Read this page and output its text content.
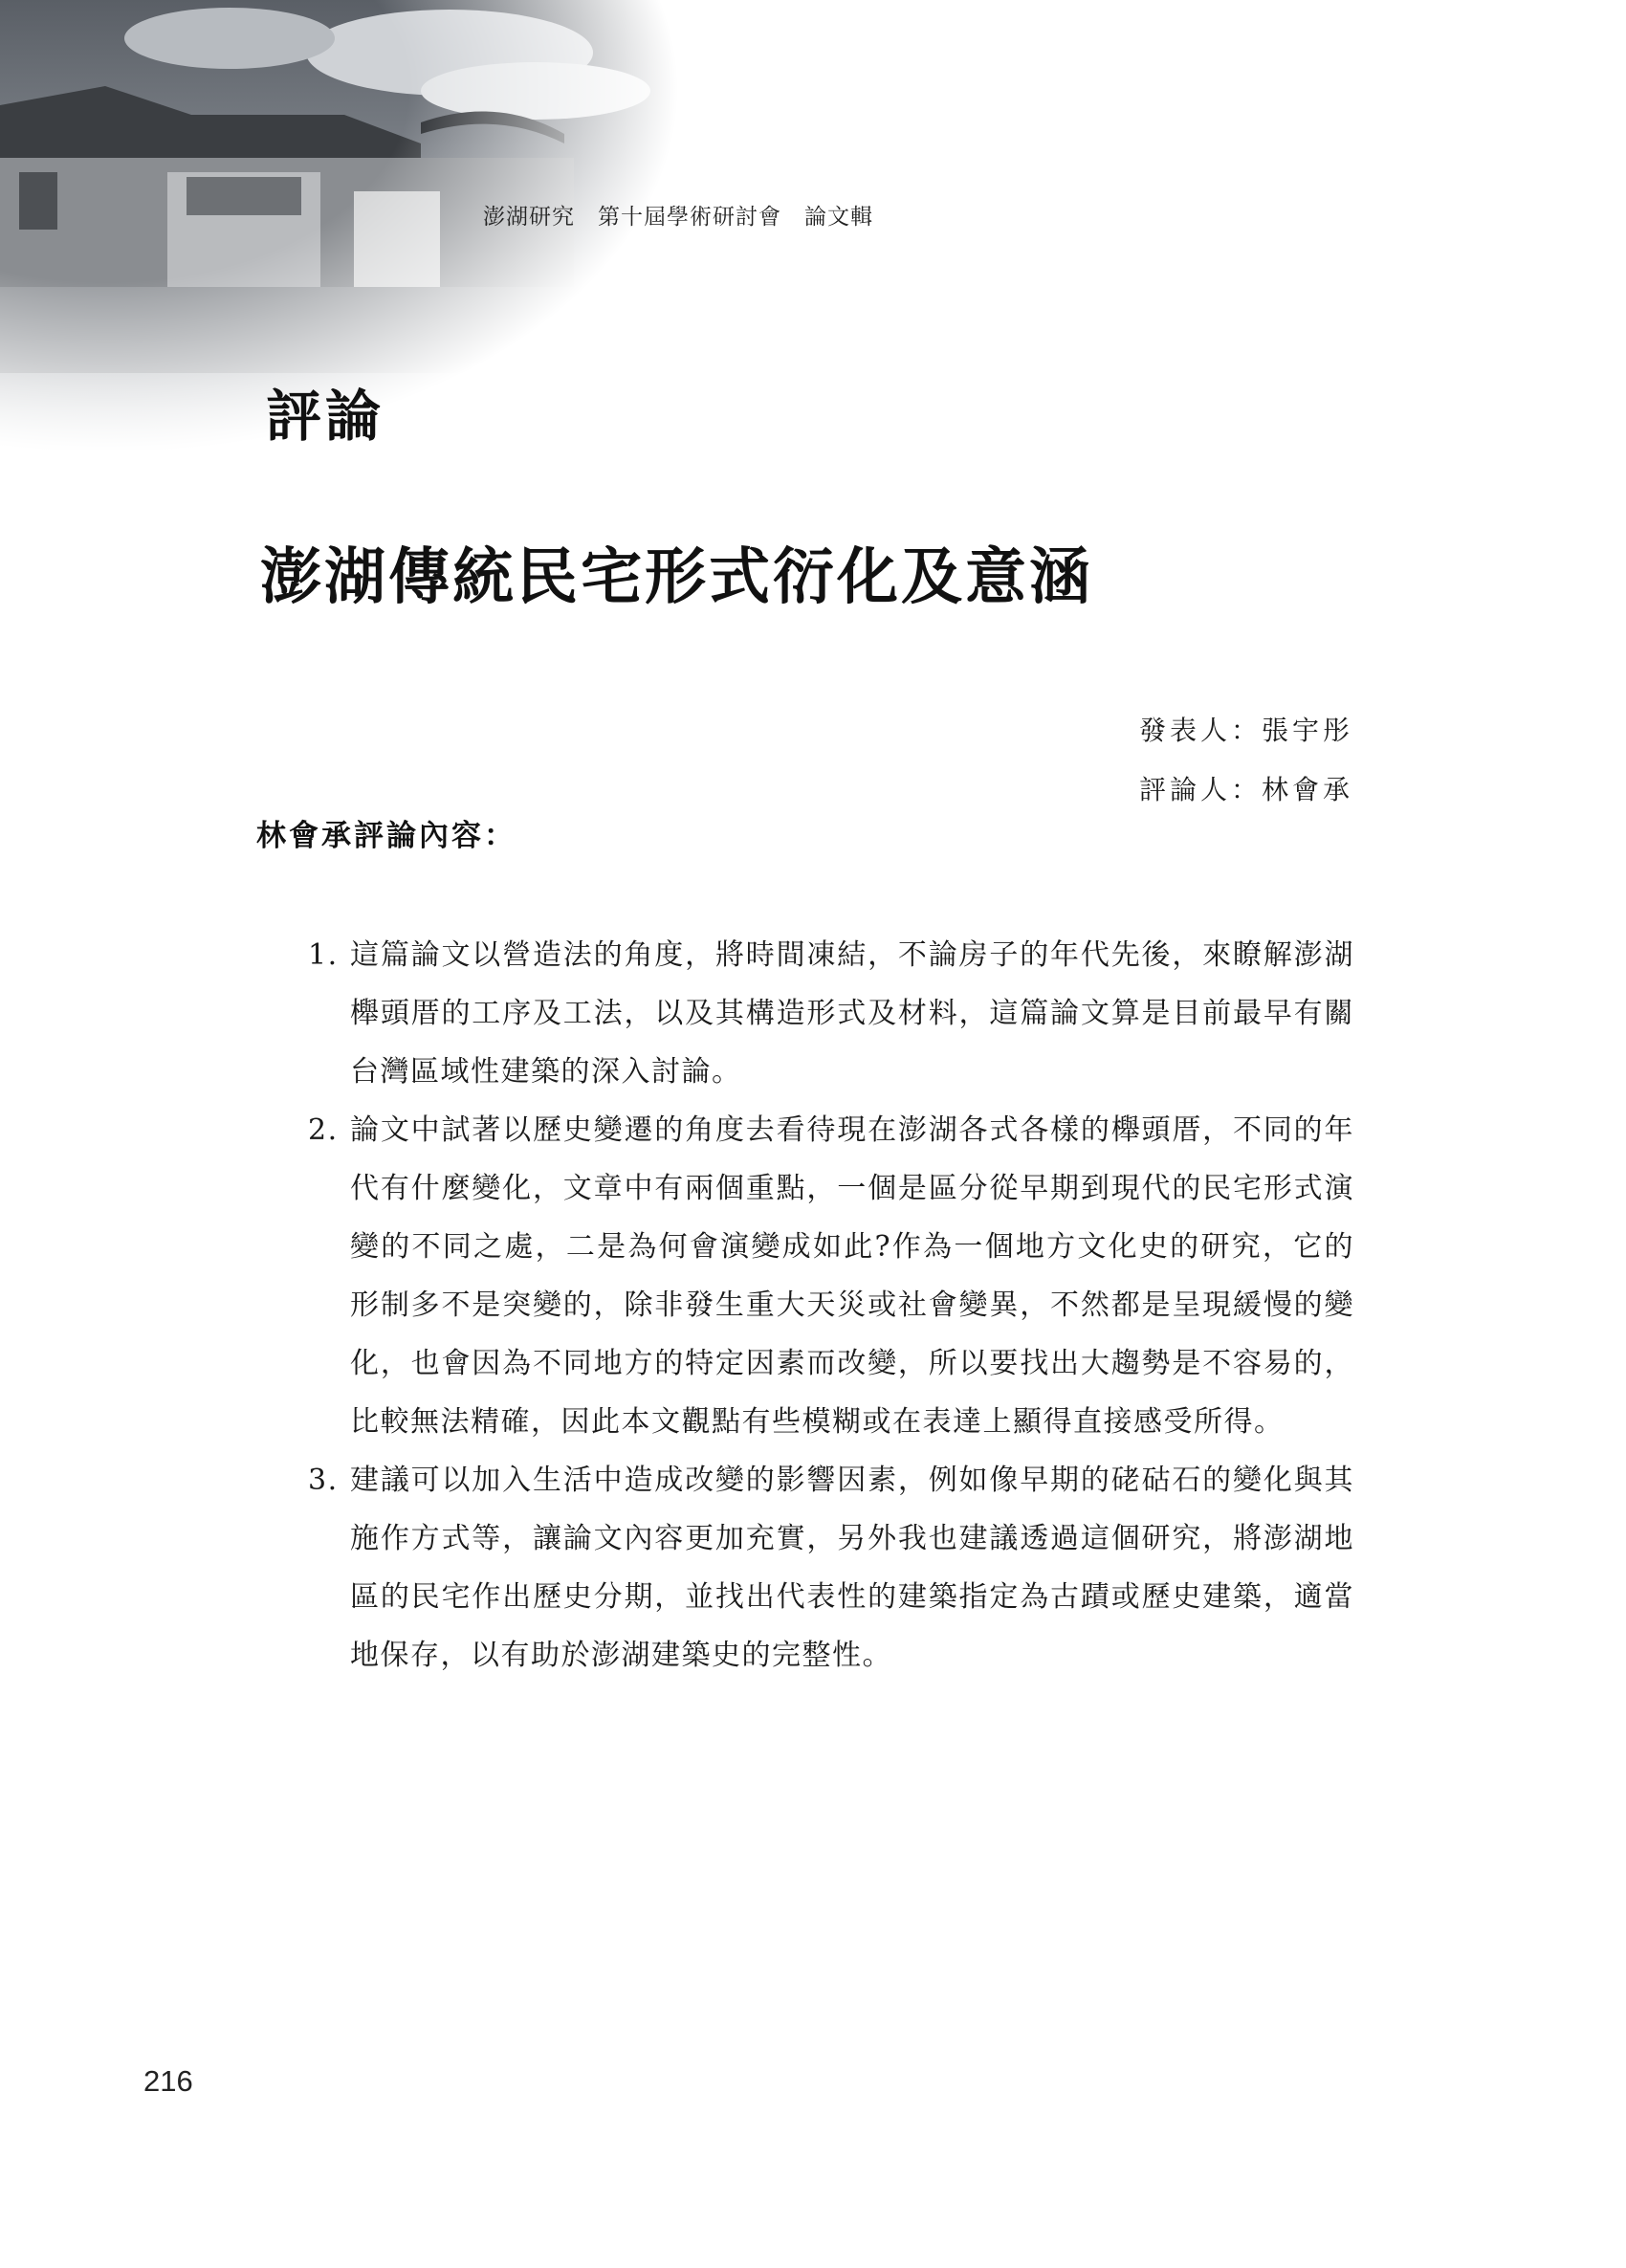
澎湖研究　第十屆學術研討會　論文輯
評論
澎湖傳統民宅形式衍化及意涵
發表人：張宇彤
評論人：林會承
林會承評論內容：
1. 這篇論文以營造法的角度，將時間凍結，不論房子的年代先後，來瞭解澎湖櫸頭厝的工序及工法，以及其構造形式及材料，這篇論文算是目前最早有關台灣區域性建築的深入討論。
2. 論文中試著以歷史變遷的角度去看待現在澎湖各式各樣的櫸頭厝，不同的年代有什麼變化，文章中有兩個重點，一個是區分從早期到現代的民宅形式演變的不同之處，二是為何會演變成如此?作為一個地方文化史的研究，它的形制多不是突變的，除非發生重大天災或社會變異，不然都是呈現緩慢的變化，也會因為不同地方的特定因素而改變，所以要找出大趨勢是不容易的，比較無法精確，因此本文觀點有些模糊或在表達上顯得直接感受所得。
3. 建議可以加入生活中造成改變的影響因素，例如像早期的硓𥑮石的變化與其施作方式等，讓論文內容更加充實，另外我也建議透過這個研究，將澎湖地區的民宅作出歷史分期，並找出代表性的建築指定為古蹟或歷史建築，適當地保存，以有助於澎湖建築史的完整性。
216
